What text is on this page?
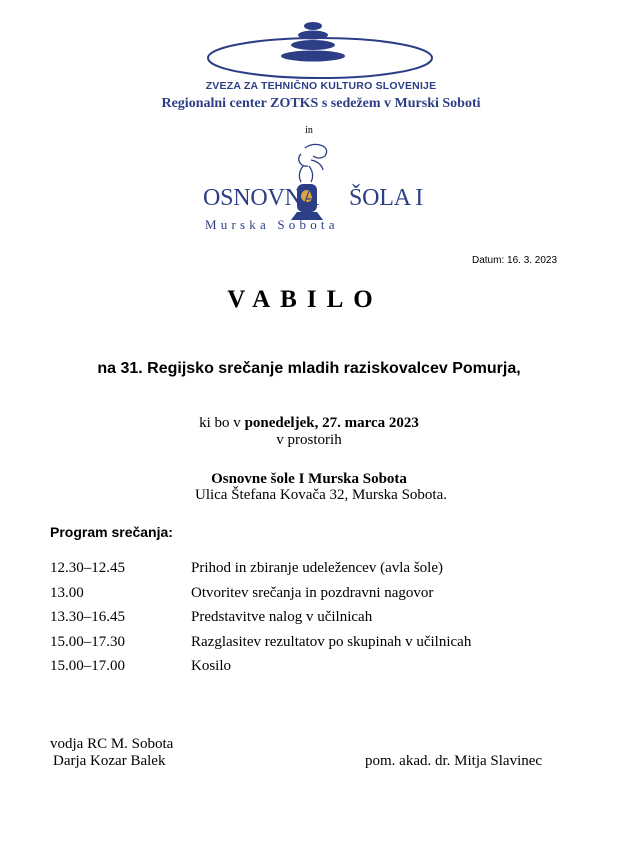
ZVEZA ZA TEHNIČNO KULTURO SLOVENIJE
Regionalni center ZOTKS s sedežem v Murski Soboti
in
OSNOVNA ŠOLA I
Murska Sobota
Datum: 16. 3. 2023
VABILO
na 31. Regijsko srečanje mladih raziskovalcev Pomurja,
ki bo v ponedeljek, 27. marca 2023
v prostorih
Osnovne šole I Murska Sobota
Ulica Štefana Kovača 32, Murska Sobota.
Program srečanja:
12.30–12.45	Prihod in zbiranje udeležencev (avla šole)
13.00	Otvoritev srečanja in pozdravni nagovor
13.30–16.45	Predstavitve nalog v učilnicah
15.00–17.30	Razglasitev rezultatov po skupinah v učilnicah
15.00–17.00	Kosilo
vodja RC M. Sobota
Darja Kozar Balek	pom. akad. dr. Mitja Slavinec
